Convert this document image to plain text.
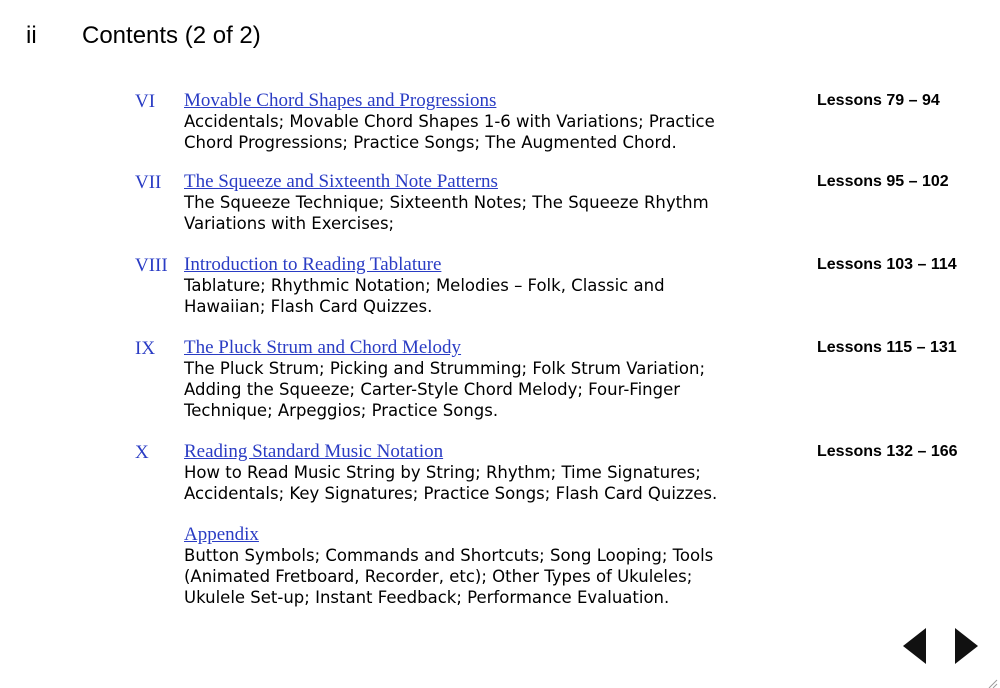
ii Contents (2 of 2)
VI Movable Chord Shapes and Progressions

Accidentals; Movable Chord Shapes 1-6 with Variations; Practice Chord Progressions; Practice Songs; The Augmented Chord.

Lessons 79 – 94
VII The Squeeze and Sixteenth Note Patterns

The Squeeze Technique; Sixteenth Notes; The Squeeze Rhythm Variations with Exercises;

Lessons 95 – 102
VIII Introduction to Reading Tablature

Tablature; Rhythmic Notation; Melodies – Folk, Classic and Hawaiian; Flash Card Quizzes.

Lessons 103 – 114
IX The Pluck Strum and Chord Melody

The Pluck Strum; Picking and Strumming; Folk Strum Variation; Adding the Squeeze; Carter-Style Chord Melody; Four-Finger Technique; Arpeggios; Practice Songs.

Lessons 115 – 131
X Reading Standard Music Notation

How to Read Music String by String; Rhythm; Time Signatures; Accidentals; Key Signatures; Practice Songs; Flash Card Quizzes.

Lessons 132 – 166
Appendix

Button Symbols; Commands and Shortcuts; Song Looping; Tools (Animated Fretboard, Recorder, etc); Other Types of Ukuleles; Ukulele Set-up; Instant Feedback; Performance Evaluation.
